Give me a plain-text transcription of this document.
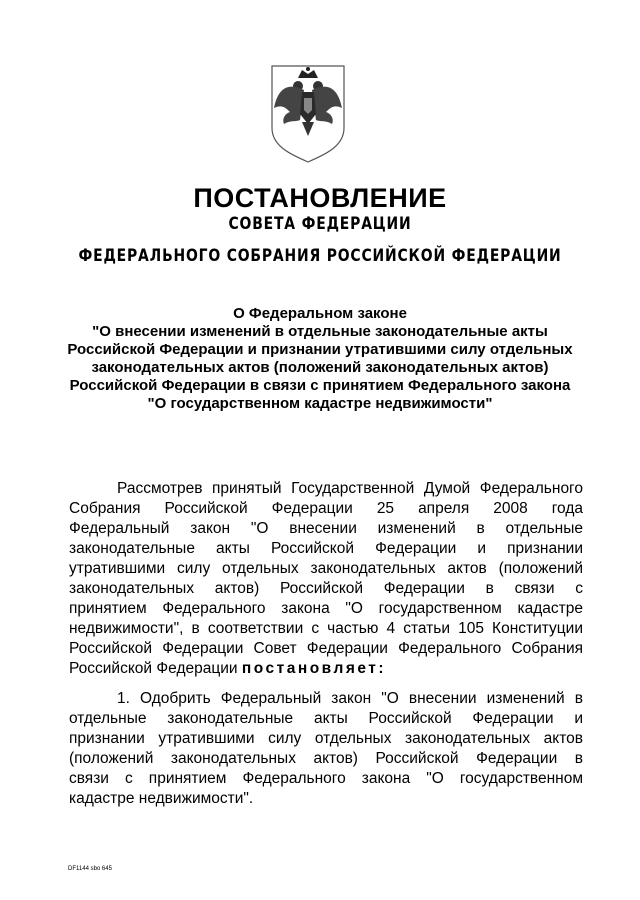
ПОСТАНОВЛЕНИЕ
СОВЕТА ФЕДЕРАЦИИ
ФЕДЕРАЛЬНОГО СОБРАНИЯ РОССИЙСКОЙ ФЕДЕРАЦИИ
О Федеральном законе
"О внесении изменений в отдельные законодательные акты
Российской Федерации и признании утратившими силу отдельных
законодательных актов (положений законодательных актов)
Российской Федерации в связи с принятием Федерального закона
"О государственном кадастре недвижимости"
Рассмотрев принятый Государственной Думой Федерального
Собрания Российской Федерации 25 апреля 2008 года
Федеральный закон "О внесении изменений в отдельные
законодательные акты Российской Федерации и признании
утратившими силу отдельных законодательных актов (положений
законодательных актов) Российской Федерации в связи с
принятием Федерального закона "О государственном кадастре
недвижимости", в соответствии с частью 4 статьи 105 Конституции
Российской Федерации Совет Федерации Федерального Собрания
Российской Федерации постановляет:
1. Одобрить Федеральный закон "О внесении изменений в
отдельные законодательные акты Российской Федерации и
признании утратившими силу отдельных законодательных актов
(положений законодательных актов) Российской Федерации в
связи с принятием Федерального закона "О государственном
кадастре недвижимости".
DF1144 sbo 645
